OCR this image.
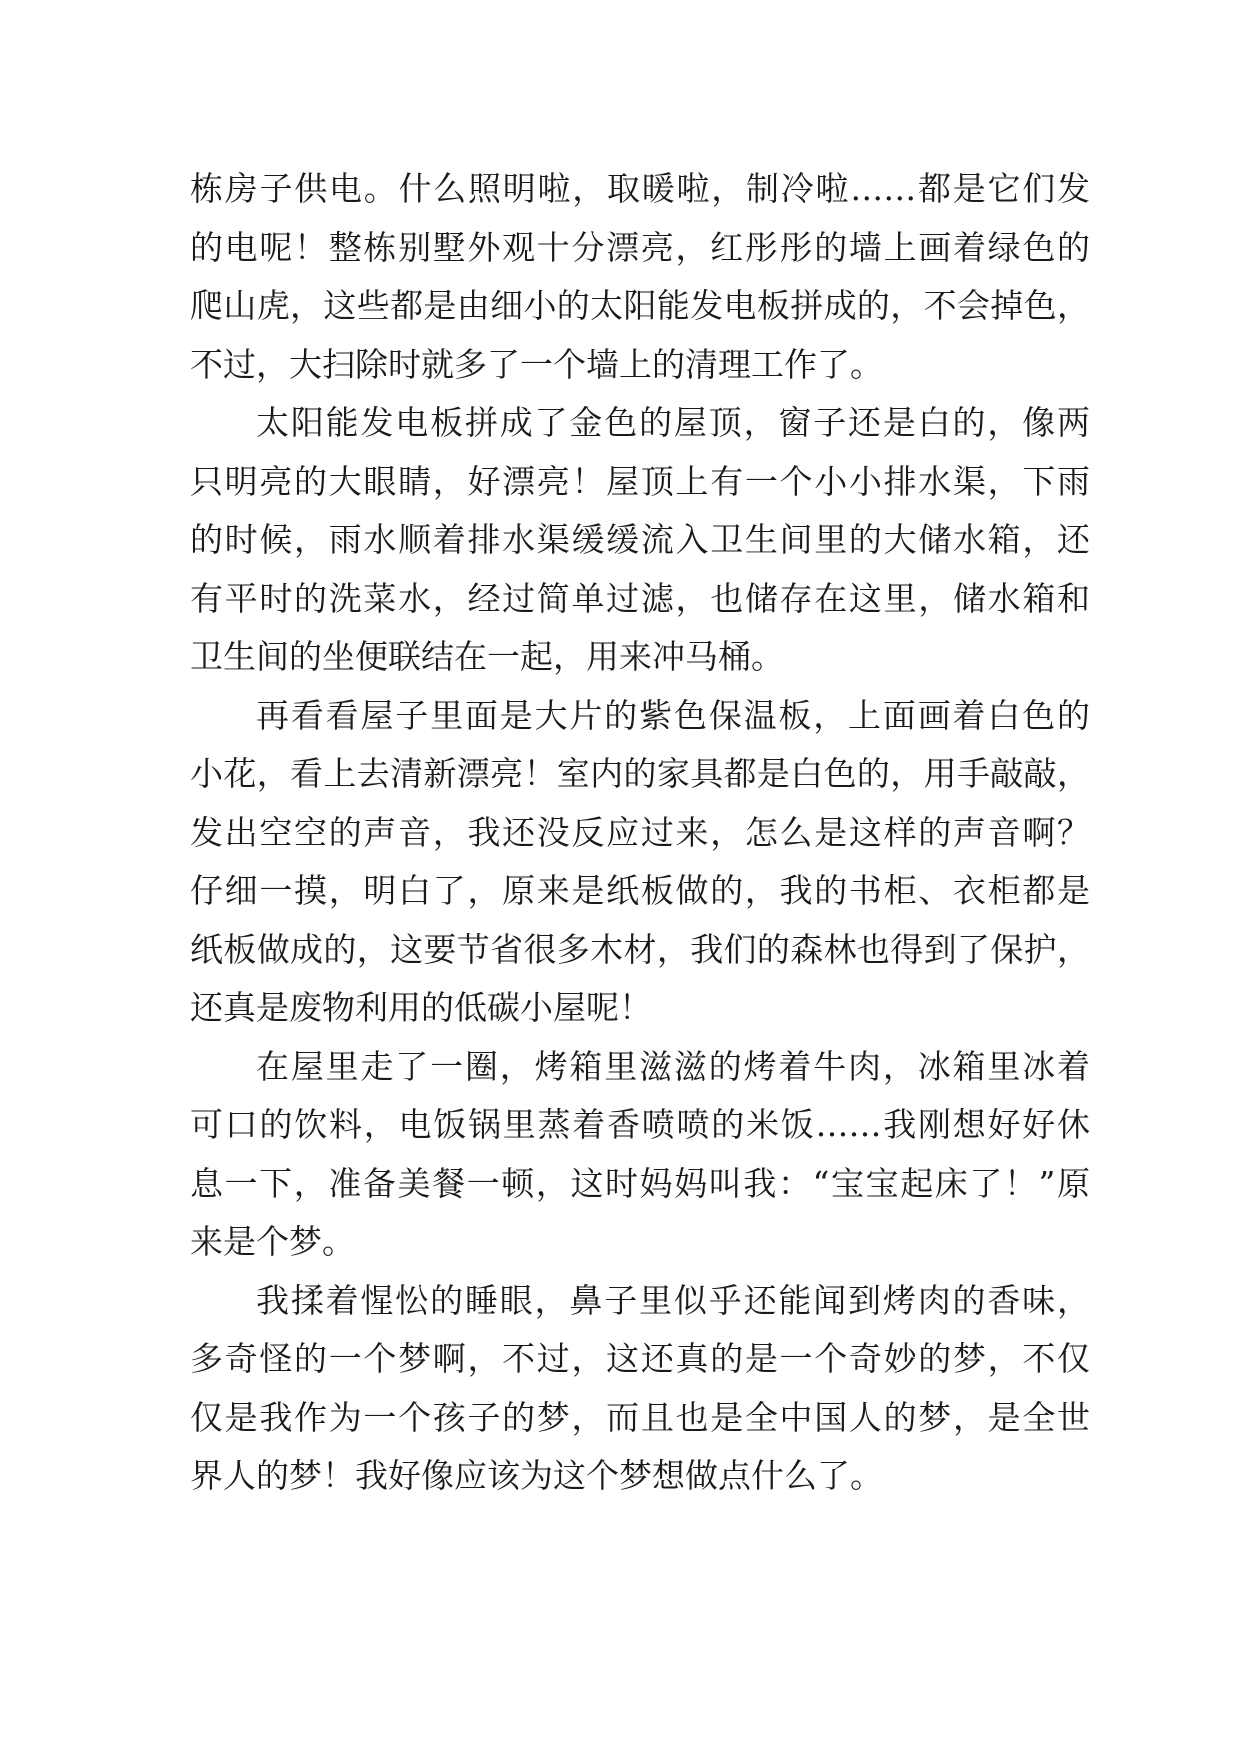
栋房子供电。什么照明啦，取暖啦，制冷啦……都是它们发
的电呢！整栋别墅外观十分漂亮，红彤彤的墙上画着绿色的
爬山虎，这些都是由细小的太阳能发电板拼成的，不会掉色，
不过，大扫除时就多了一个墙上的清理工作了。
太阳能发电板拼成了金色的屋顶，窗子还是白的，像两
只明亮的大眼睛，好漂亮！屋顶上有一个小小排水渠，下雨
的时候，雨水顺着排水渠缓缓流入卫生间里的大储水箱，还
有平时的洗菜水，经过简单过滤，也储存在这里，储水箱和
卫生间的坐便联结在一起，用来冲马桶。
再看看屋子里面是大片的紫色保温板，上面画着白色的
小花，看上去清新漂亮！室内的家具都是白色的，用手敲敲，
发出空空的声音，我还没反应过来，怎么是这样的声音啊？
仔细一摸，明白了，原来是纸板做的，我的书柜、衣柜都是
纸板做成的，这要节省很多木材，我们的森林也得到了保护，
还真是废物利用的低碳小屋呢！
在屋里走了一圈，烤箱里滋滋的烤着牛肉，冰箱里冰着
可口的饮料，电饭锅里蒸着香喷喷的米饭……我刚想好好休
息一下，准备美餐一顿，这时妈妈叫我：“宝宝起床了！”原
来是个梦。
我揉着惺忪的睡眼，鼻子里似乎还能闻到烤肉的香味，
多奇怪的一个梦啊，不过，这还真的是一个奇妙的梦，不仅
仅是我作为一个孩子的梦，而且也是全中国人的梦，是全世
界人的梦！我好像应该为这个梦想做点什么了。
